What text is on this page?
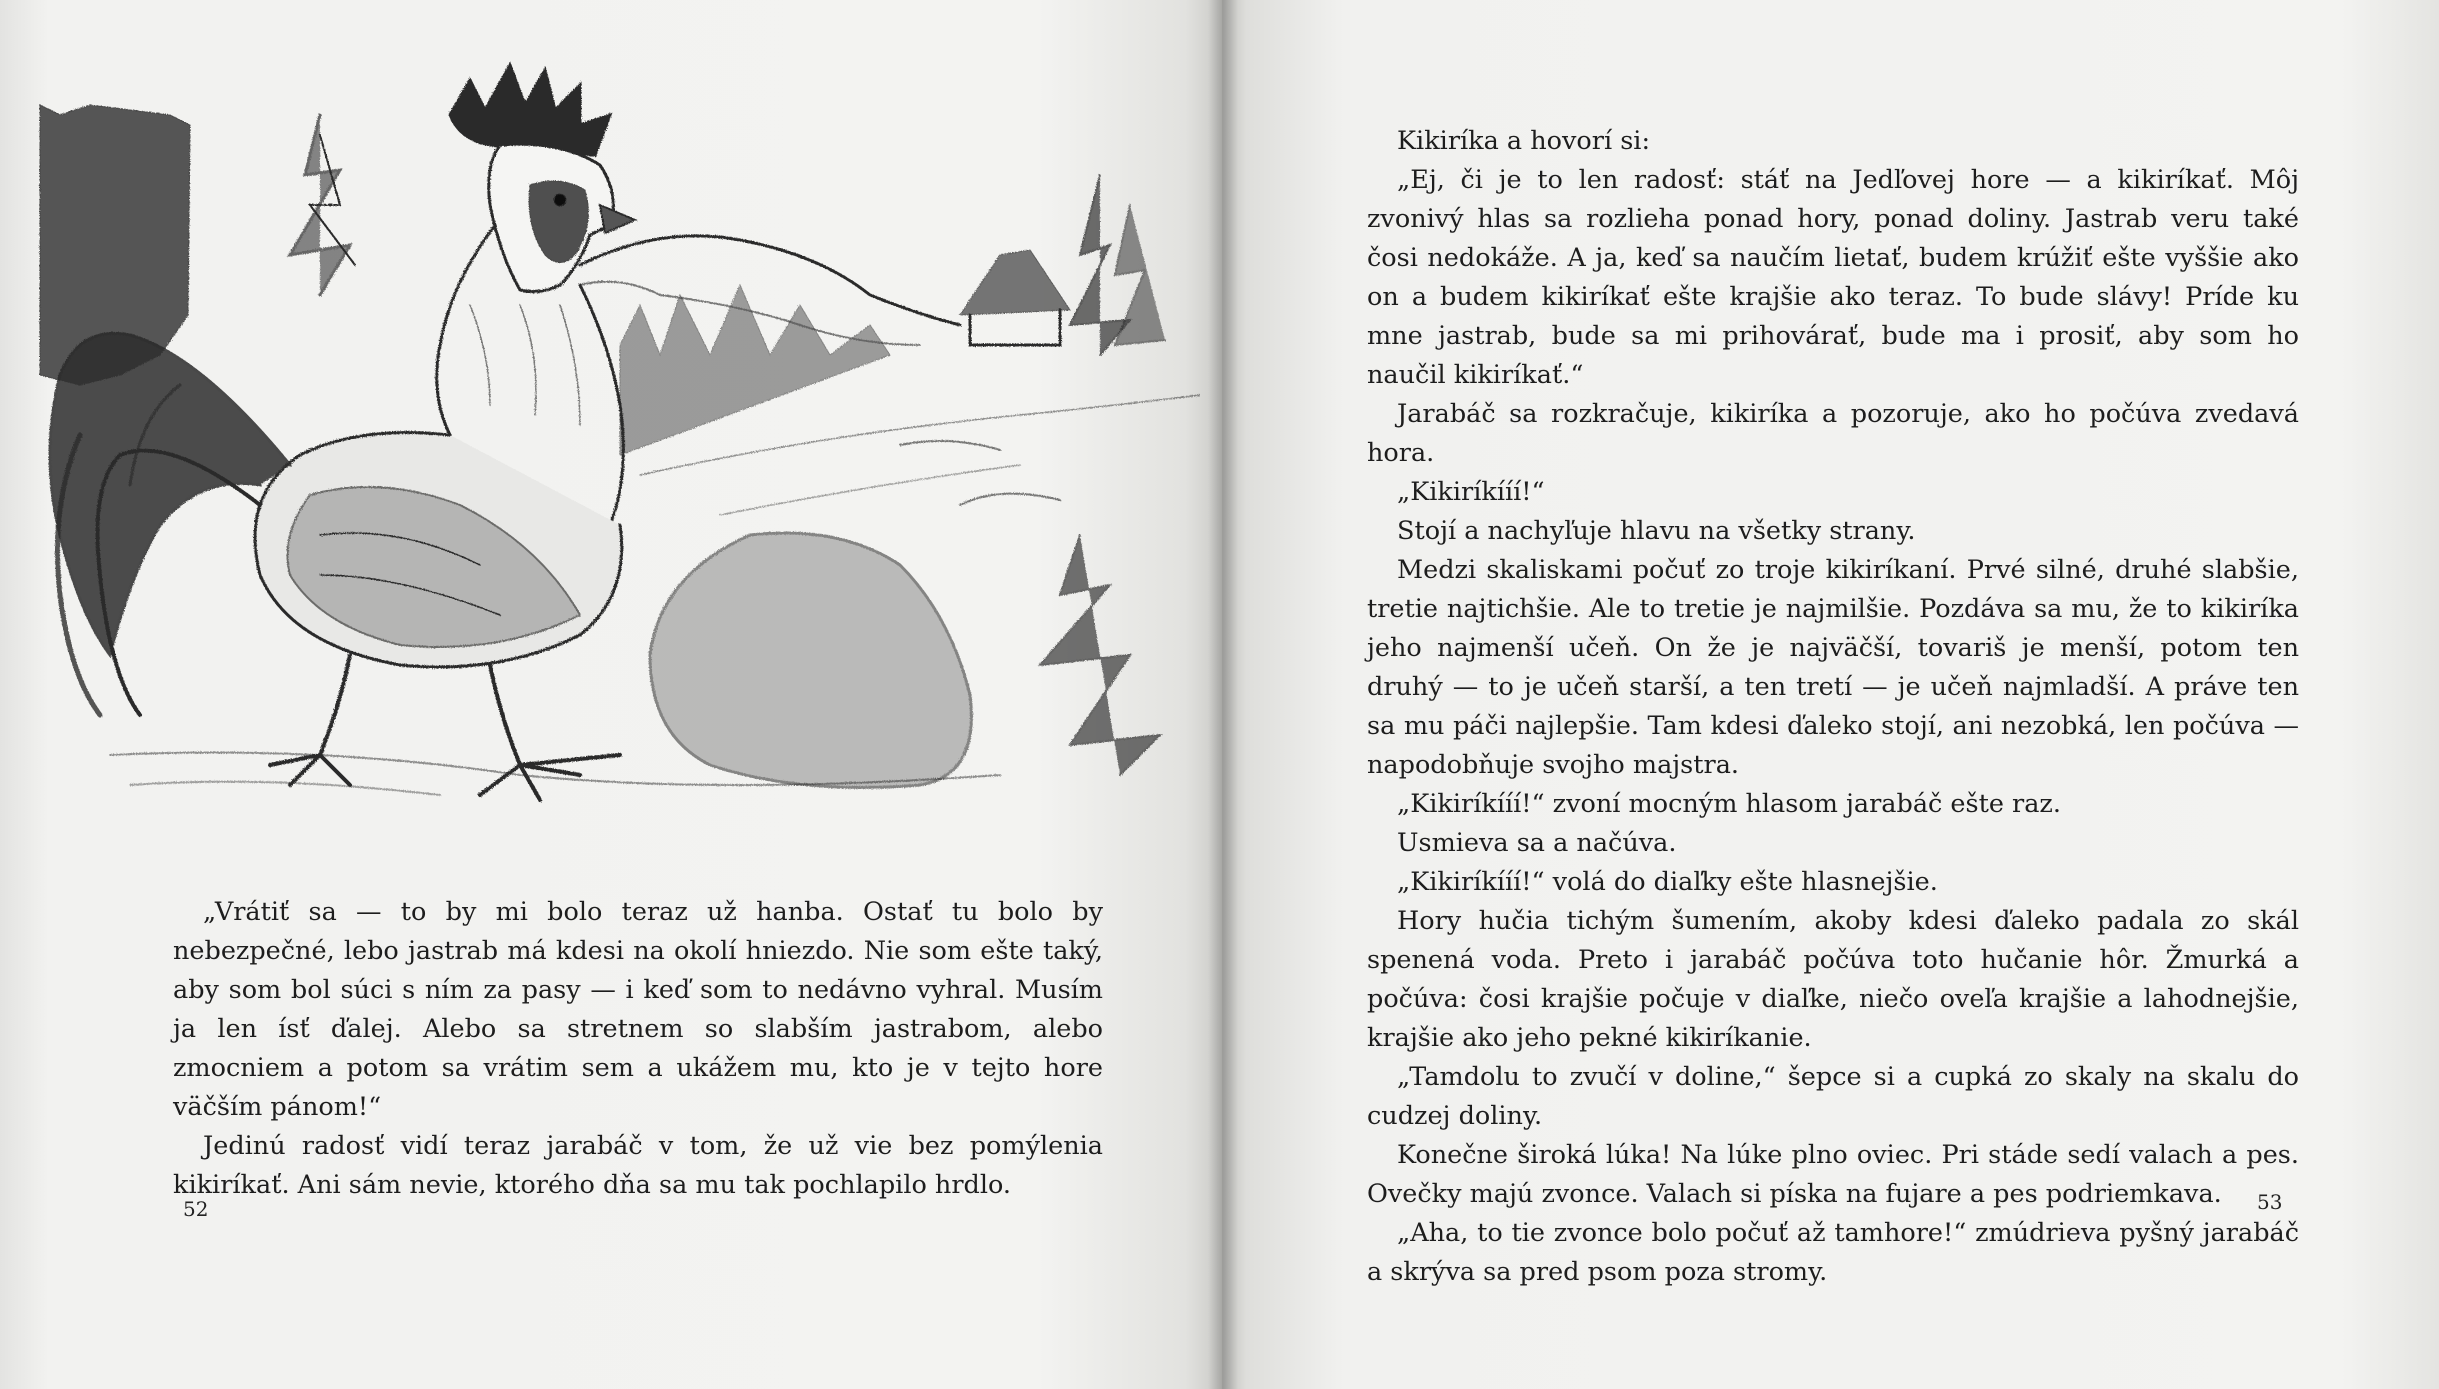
„Vrátiť sa — to by mi bolo teraz už hanba. Ostať tu bolo by nebezpečné, lebo jastrab má kdesi na okolí hniezdo. Nie som ešte taký, aby som bol súci s ním za pasy — i keď som to nedávno vyhral. Musím ja len ísť ďalej. Alebo sa stretnem so slabším jastrabom, alebo zmocniem a potom sa vrátim sem a ukážem mu, kto je v tejto hore väčším pánom!“

Jedinú radosť vidí teraz jarabáč v tom, že už vie bez pomýlenia kikiríkať. Ani sám nevie, ktorého dňa sa mu tak pochlapilo hrdlo.

52

Kikiríka a hovorí si:

„Ej, či je to len radosť: stáť na Jedľovej hore — a kikiríkať. Môj zvonivý hlas sa rozlieha ponad hory, ponad doliny. Jastrab veru také čosi nedokáže. A ja, keď sa naučím lietať, budem krúžiť ešte vyššie ako on a budem kikiríkať ešte krajšie ako teraz. To bude slávy! Príde ku mne jastrab, bude sa mi prihovárať, bude ma i prosiť, aby som ho naučil kikiríkať.“

Jarabáč sa rozkračuje, kikiríka a pozoruje, ako ho počúva zvedavá hora.

„Kikiríkííí!“

Stojí a nachyľuje hlavu na všetky strany.

Medzi skaliskami počuť zo troje kikiríkaní. Prvé silné, druhé slabšie, tretie najtichšie. Ale to tretie je najmilšie. Pozdáva sa mu, že to kikiríka jeho najmenší učeň. On že je najväčší, tovariš je menší, potom ten druhý — to je učeň starší, a ten tretí — je učeň najmladší. A práve ten sa mu páči najlepšie. Tam kdesi ďaleko stojí, ani nezobká, len počúva — napodobňuje svojho majstra.

„Kikiríkííí!“ zvoní mocným hlasom jarabáč ešte raz.

Usmieva sa a načúva.

„Kikiríkííí!“ volá do diaľky ešte hlasnejšie.

Hory hučia tichým šumením, akoby kdesi ďaleko padala zo skál spenená voda. Preto i jarabáč počúva toto hučanie hôr. Žmurká a počúva: čosi krajšie počuje v diaľke, niečo oveľa krajšie a lahodnejšie, krajšie ako jeho pekné kikiríkanie.

„Tamdolu to zvučí v doline,“ šepce si a cupká zo skaly na skalu do cudzej doliny.

Konečne široká lúka! Na lúke plno oviec. Pri stáde sedí valach a pes. Ovečky majú zvonce. Valach si píska na fujare a pes podriemkava.

„Aha, to tie zvonce bolo počuť až tamhore!“ zmúdrieva pyšný jarabáč a skrýva sa pred psom poza stromy.

53
